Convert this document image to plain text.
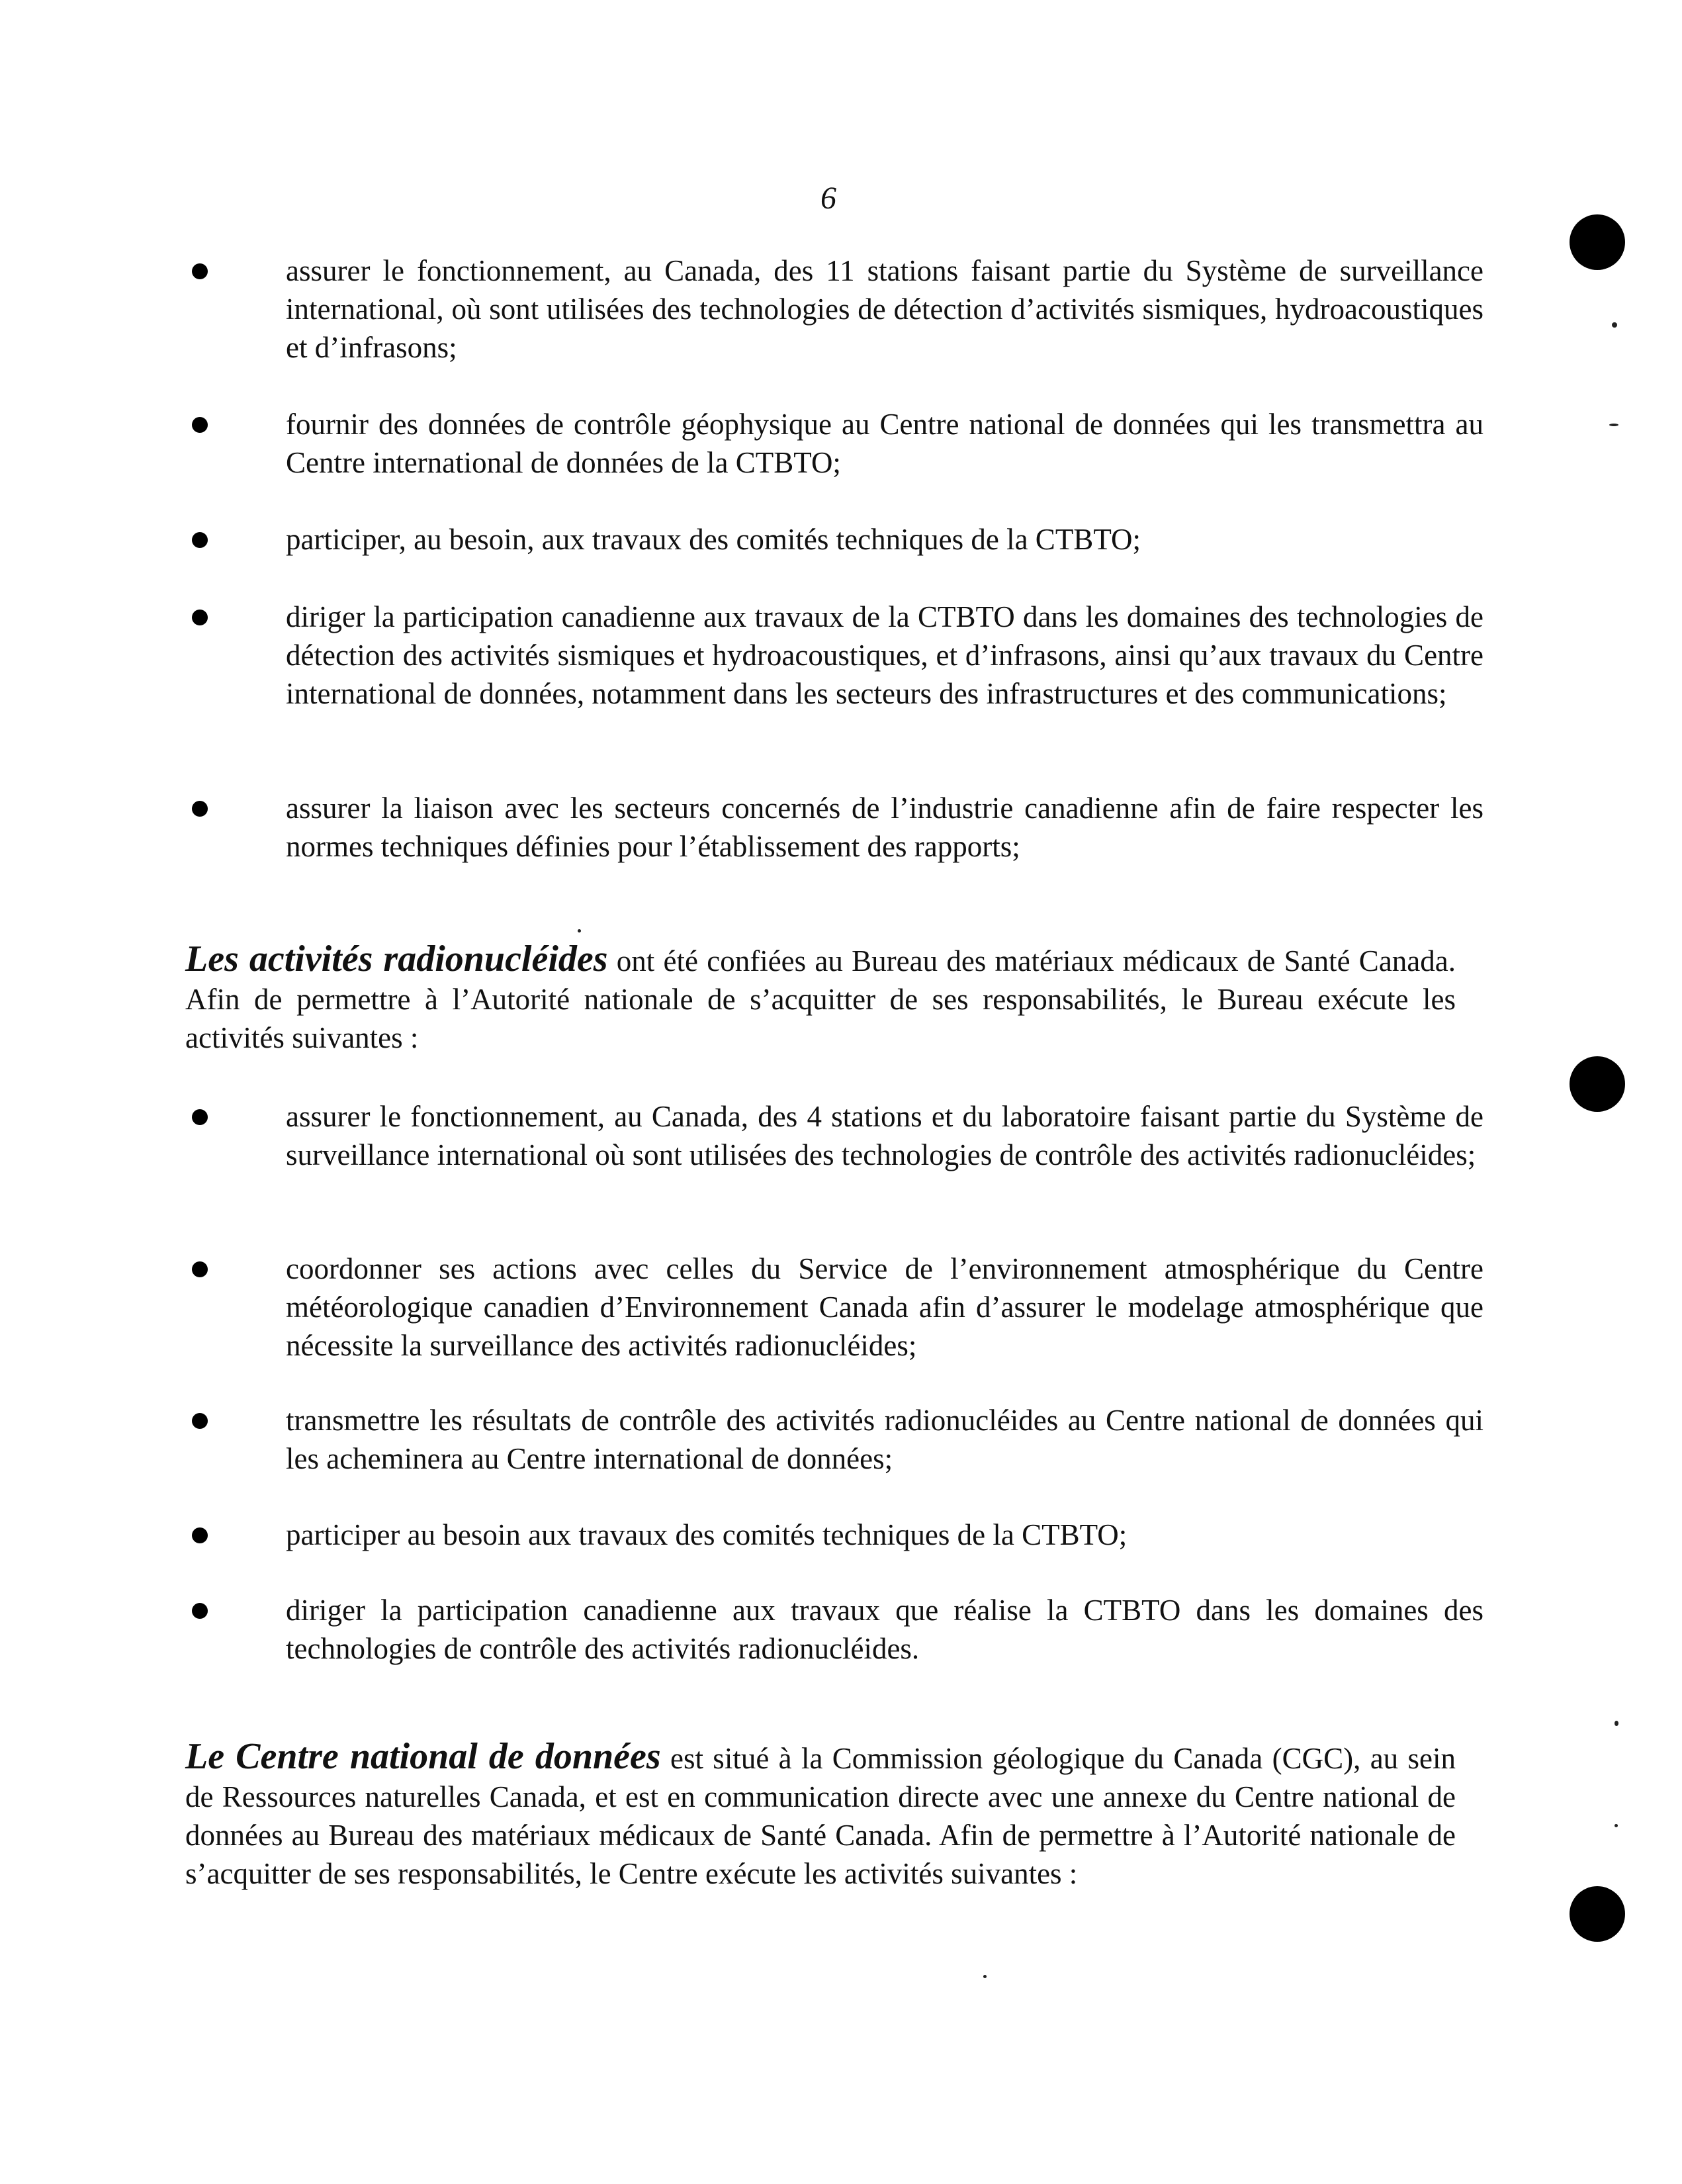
6
assurer le fonctionnement, au Canada, des 11 stations faisant partie du Système de surveillance international, où sont utilisées des technologies de détection d’activités sismiques, hydroacoustiques et d’infrasons;
fournir des données de contrôle géophysique au Centre national de données qui les transmettra au Centre international de données de la CTBTO;
participer, au besoin, aux travaux des comités techniques de la CTBTO;
diriger la participation canadienne aux travaux de la CTBTO dans les domaines des technologies de détection des activités sismiques et hydroacoustiques, et d’infrasons, ainsi qu’aux travaux du Centre international de données, notamment dans les secteurs des infrastructures et des communications;
assurer la liaison avec les secteurs concernés de l’industrie canadienne afin de faire respecter les normes techniques définies pour l’établissement des rapports;
Les activités radionucléides ont été confiées au Bureau des matériaux médicaux de Santé Canada. Afin de permettre à l’Autorité nationale de s’acquitter de ses responsabilités, le Bureau exécute les activités suivantes :
assurer le fonctionnement, au Canada, des 4 stations et du laboratoire faisant partie du Système de surveillance international où sont utilisées des technologies de contrôle des activités radionucléides;
coordonner ses actions avec celles du Service de l’environnement atmosphérique du Centre météorologique canadien d’Environnement Canada afin d’assurer le modelage atmosphérique que nécessite la surveillance des activités radionucléides;
transmettre les résultats de contrôle des activités radionucléides au Centre national de données qui les acheminera au Centre international de données;
participer au besoin aux travaux des comités techniques de la CTBTO;
diriger la participation canadienne aux travaux que réalise la CTBTO dans les domaines des technologies de contrôle des activités radionucléides.
Le Centre national de données est situé à la Commission géologique du Canada (CGC), au sein de Ressources naturelles Canada, et est en communication directe avec une annexe du Centre national de données au Bureau des matériaux médicaux de Santé Canada. Afin de permettre à l’Autorité nationale de s’acquitter de ses responsabilités, le Centre exécute les activités suivantes :
